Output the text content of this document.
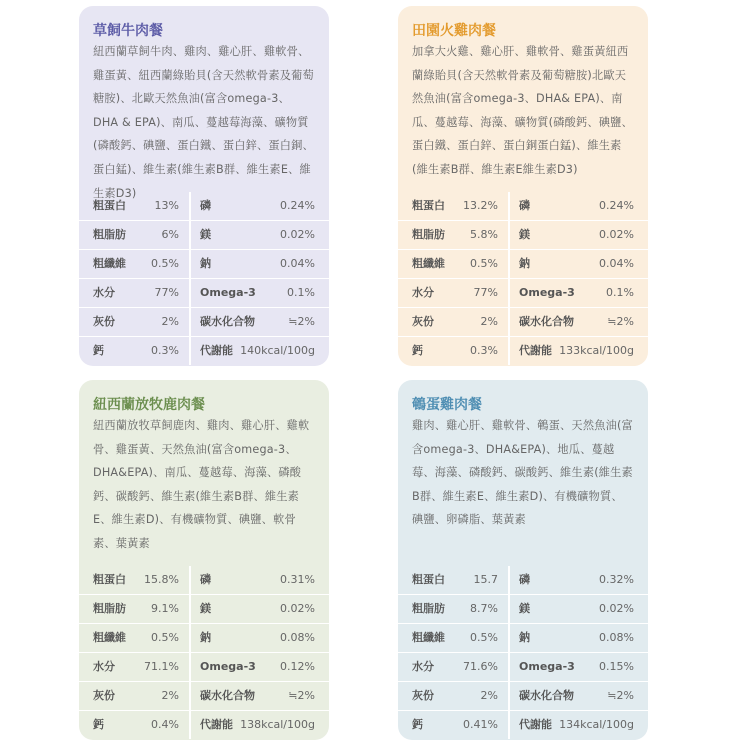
草飼牛肉餐
紐西蘭草飼牛肉、雞肉、雞心肝、雞軟骨、雞蛋黃、紐西蘭綠貽貝(含天然軟骨素及葡萄糖胺)、北歐天然魚油(富含omega-3、DHA & EPA)、南瓜、蔓越莓海藻、礦物質(磷酸鈣、碘鹽、蛋白鐵、蛋白鋅、蛋白銅、蛋白錳)、維生素(維生素B群、維生素E、維生素D3)
粗蛋白	13% 磷	0.24%
粗脂肪	6% 鎂	0.02%
粗纖維 0.5% 鈉	0.04%
水分	77% Omega-3	0.1%
灰份	2% 碳水化合物	≒2%
鈣	0.3% 代謝能 140kcal/100g
田園火雞肉餐
加拿大火雞、雞心肝、雞軟骨、雞蛋黃紐西蘭綠貽貝(含天然軟骨素及葡萄糖胺)北歐天然魚油(富含omega-3、DHA& EPA)、南瓜、蔓越莓、海藻、礦物質(磷酸鈣、碘鹽、蛋白鐵、蛋白鋅、蛋白銅蛋白錳)、維生素(維生素B群、維生素E維生素D3)
粗蛋白 13.2% 磷	0.24%
粗脂肪 5.8% 鎂	0.02%
粗纖維 0.5% 鈉	0.04%
水分	77% Omega-3	0.1%
灰份	2% 碳水化合物	≒2%
鈣	0.3% 代謝能 133kcal/100g
紐西蘭放牧鹿肉餐
紐西蘭放牧草飼鹿肉、雞肉、雞心肝、雞軟骨、雞蛋黃、天然魚油(富含omega-3、DHA&EPA)、南瓜、蔓越莓、海藻、磷酸鈣、碳酸鈣、維生素(維生素B群、維生素E、維生素D)、有機礦物質、碘鹽、軟骨素、葉黃素
粗蛋白 15.8% 磷	0.31%
粗脂肪 9.1% 鎂	0.02%
粗纖維 0.5% 鈉	0.08%
水分	71.1% Omega-3 0.12%
灰份	2% 碳水化合物	≒2%
鈣	0.4% 代謝能 138kcal/100g
鵪蛋雞肉餐
雞肉、雞心肝、雞軟骨、鵪蛋、天然魚油(富含omega-3、DHA&EPA)、地瓜、蔓越莓、海藻、磷酸鈣、碳酸鈣、維生素(維生素B群、維生素E、維生素D)、有機礦物質、碘鹽、卵磷脂、葉黃素
粗蛋白	15.7 磷	0.32%
粗脂肪 8.7% 鎂	0.02%
粗纖維 0.5% 鈉	0.08%
水分	71.6% Omega-3 0.15%
灰份	2% 碳水化合物	≒2%
鈣	0.41% 代謝能 134kcal/100g
